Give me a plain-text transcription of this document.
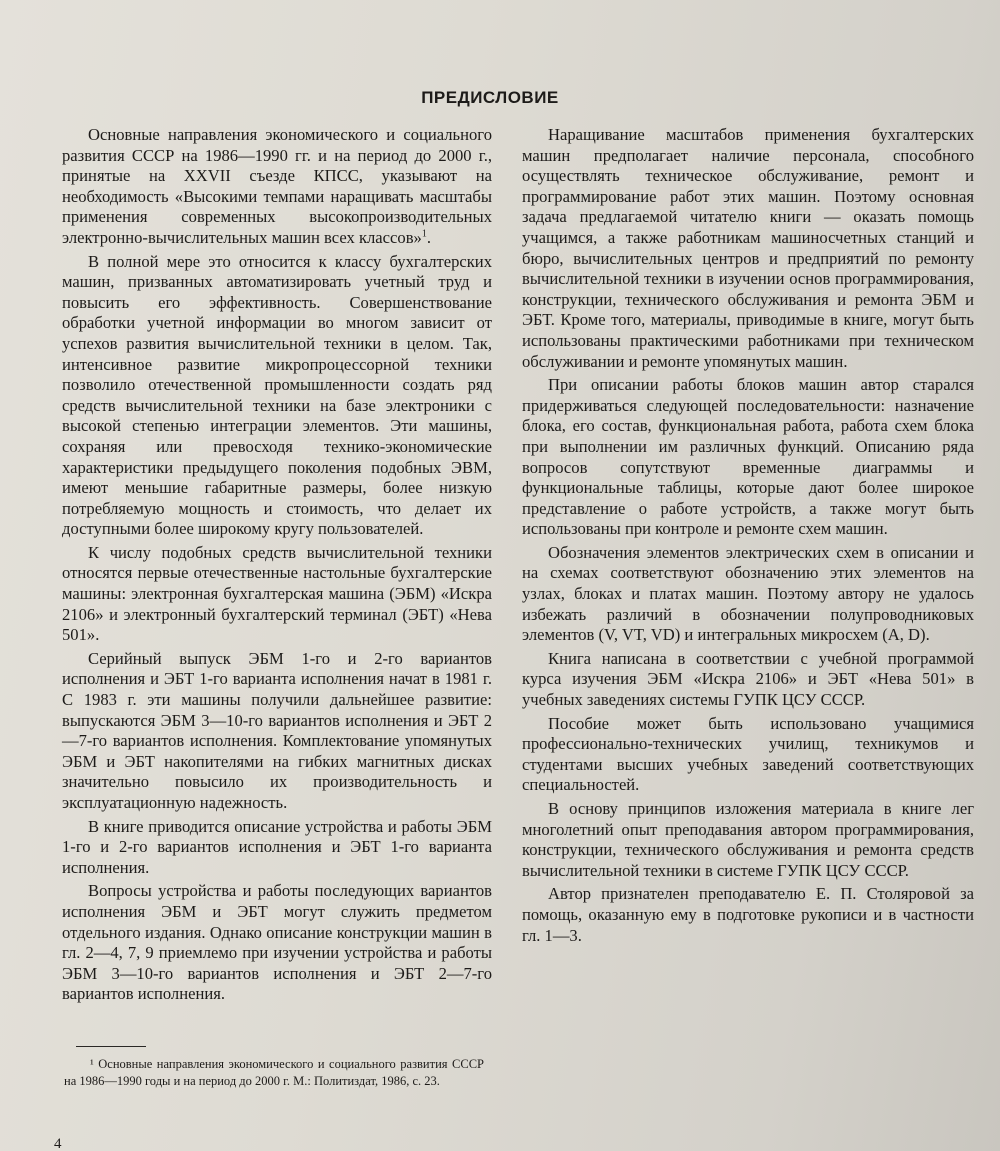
ПРЕДИСЛОВИЕ

Основные направления экономического и социального развития СССР на 1986—1990 гг. и на период до 2000 г., принятые на XXVII съезде КПСС, указывают на необходимость «Высокими темпами наращивать масштабы применения современных высокопроизводительных электронно-вычислительных машин всех классов»$^1$.

В полной мере это относится к классу бухгалтерских машин, призванных автоматизировать учетный труд и повысить его эффективность. Совершенствование обработки учетной информации во многом зависит от успехов развития вычислительной техники в целом. Так, интенсивное развитие микропроцессорной техники позволило отечественной промышленности создать ряд средств вычислительной техники на базе электроники с высокой степенью интеграции элементов. Эти машины, сохраняя или превосходя технико-экономические характеристики предыдущего поколения подобных ЭВМ, имеют меньшие габаритные размеры, более низкую потребляемую мощность и стоимость, что делает их доступными более широкому кругу пользователей.

К числу подобных средств вычислительной техники относятся первые отечественные настольные бухгалтерские машины: электронная бухгалтерская машина (ЭБМ) «Искра 2106» и электронный бухгалтерский терминал (ЭБТ) «Нева 501».

Серийный выпуск ЭБМ 1-го и 2-го вариантов исполнения и ЭБТ 1-го варианта исполнения начат в 1981 г. С 1983 г. эти машины получили дальнейшее развитие: выпускаются ЭБМ 3—10-го вариантов исполнения и ЭБТ 2—7-го вариантов исполнения. Комплектование упомянутых ЭБМ и ЭБТ накопителями на гибких магнитных дисках значительно повысило их производительность и эксплуатационную надежность.

В книге приводится описание устройства и работы ЭБМ 1-го и 2-го вариантов исполнения и ЭБТ 1-го варианта исполнения.

Вопросы устройства и работы последующих вариантов исполнения ЭБМ и ЭБТ могут служить предметом отдельного издания. Однако описание конструкции машин в гл. 2—4, 7, 9 приемлемо при изучении устройства и работы ЭБМ 3—10-го вариантов исполнения и ЭБТ 2—7-го вариантов исполнения.

Наращивание масштабов применения бухгалтерских машин предполагает наличие персонала, способного осуществлять техническое обслуживание, ремонт и программирование работ этих машин. Поэтому основная задача предлагаемой читателю книги — оказать помощь учащимся, а также работникам машиносчетных станций и бюро, вычислительных центров и предприятий по ремонту вычислительной техники в изучении основ программирования, конструкции, технического обслуживания и ремонта ЭБМ и ЭБТ. Кроме того, материалы, приводимые в книге, могут быть использованы практическими работниками при техническом обслуживании и ремонте упомянутых машин.

При описании работы блоков машин автор старался придерживаться следующей последовательности: назначение блока, его состав, функциональная работа, работа схем блока при выполнении им различных функций. Описанию ряда вопросов сопутствуют временные диаграммы и функциональные таблицы, которые дают более широкое представление о работе устройств, а также могут быть использованы при контроле и ремонте схем машин.

Обозначения элементов электрических схем в описании и на схемах соответствуют обозначению этих элементов на узлах, блоках и платах машин. Поэтому автору не удалось избежать различий в обозначении полупроводниковых элементов (V, VT, VD) и интегральных микросхем (A, D).

Книга написана в соответствии с учебной программой курса изучения ЭБМ «Искра 2106» и ЭБТ «Нева 501» в учебных заведениях системы ГУПК ЦСУ СССР.

Пособие может быть использовано учащимися профессионально-технических училищ, техникумов и студентами высших учебных заведений соответствующих специальностей.

В основу принципов изложения материала в книге лег многолетний опыт преподавания автором программирования, конструкции, технического обслуживания и ремонта средств вычислительной техники в системе ГУПК ЦСУ СССР.

Автор признателен преподавателю Е. П. Столяровой за помощь, оказанную ему в подготовке рукописи и в частности гл. 1—3.

¹ Основные направления экономического и социального развития СССР на 1986—1990 годы и на период до 2000 г. М.: Политиздат, 1986, с. 23.
4
